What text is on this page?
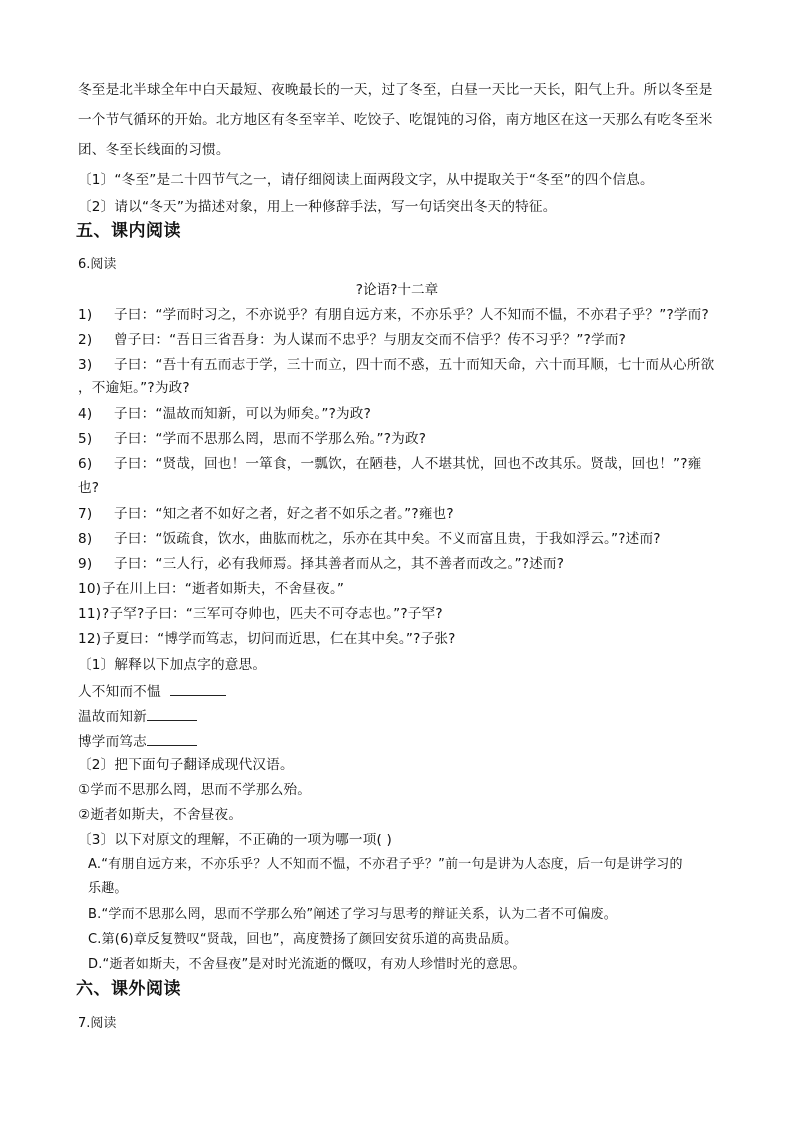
冬至是北半球全年中白天最短、夜晚最长的一天，过了冬至，白昼一天比一天长，阳气上升。所以冬至是
一个节气循环的开始。北方地区有冬至宰羊、吃饺子、吃馄饨的习俗，南方地区在这一天那么有吃冬至米
团、冬至长线面的习惯。
〔1〕“冬至”是二十四节气之一，请仔细阅读上面两段文字，从中提取关于“冬至”的四个信息。
〔2〕请以“冬天”为描述对象，用上一种修辞手法，写一句话突出冬天的特征。
五、课内阅读
6.阅读
?论语?十二章
1) 子曰：“学而时习之，不亦说乎？有朋自远方来，不亦乐乎？人不知而不愠，不亦君子乎？”?学而?
2) 曾子曰：“吾日三省吾身：为人谋而不忠乎？与朋友交而不信乎？传不习乎？”?学而?
3) 子曰：“吾十有五而志于学，三十而立，四十而不惑，五十而知天命，六十而耳顺，七十而从心所欲
，不逾矩。”?为政?
4) 子曰：“温故而知新，可以为师矣。”?为政?
5) 子曰：“学而不思那么罔，思而不学那么殆。”?为政?
6) 子曰：“贤哉，回也！一箪食，一瓢饮，在陋巷，人不堪其忧，回也不改其乐。贤哉，回也！”?雍
也?
7) 子曰：“知之者不如好之者，好之者不如乐之者。”?雍也?
8) 子曰：“饭疏食，饮水，曲肱而枕之，乐亦在其中矣。不义而富且贵，于我如浮云。”?述而?
9) 子曰：“三人行，必有我师焉。择其善者而从之，其不善者而改之。”?述而?
10)子在川上曰：“逝者如斯夫，不舍昼夜。”
11)?子罕?子曰：“三军可夺帅也，匹夫不可夺志也。”?子罕?
12)子夏曰：“博学而笃志，切问而近思，仁在其中矣。”?子张?
〔1〕解释以下加点字的意思。
人不知而不愠
温故而知新
博学而笃志
〔2〕把下面句子翻译成现代汉语。
①学而不思那么罔，思而不学那么殆。
②逝者如斯夫，不舍昼夜。
〔3〕以下对原文的理解，不正确的一项为哪一项( )
A.“有朋自远方来，不亦乐乎？人不知而不愠，不亦君子乎？”前一句是讲为人态度，后一句是讲学习的
乐趣。
B.“学而不思那么罔，思而不学那么殆”阐述了学习与思考的辩证关系，认为二者不可偏废。
C.第(6)章反复赞叹“贤哉，回也”，高度赞扬了颜回安贫乐道的高贵品质。
D.“逝者如斯夫，不舍昼夜”是对时光流逝的慨叹，有劝人珍惜时光的意思。
六、课外阅读
7.阅读
